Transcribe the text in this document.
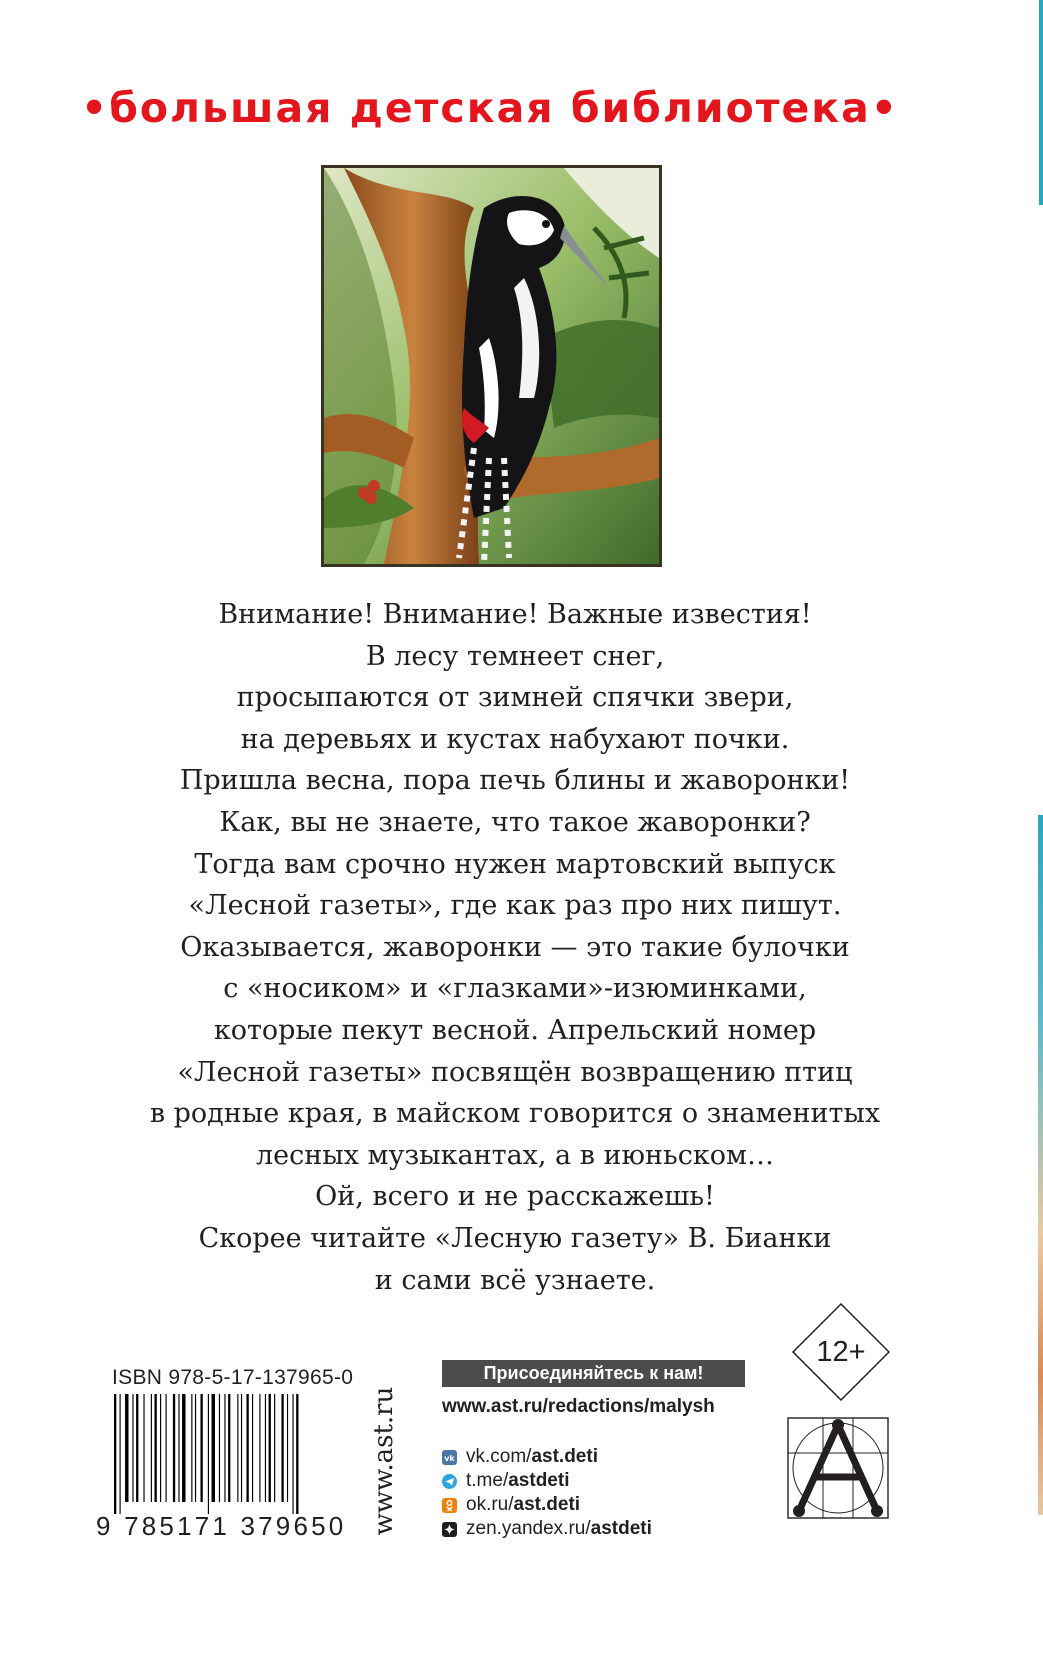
•большая детская библиотека•
Внимание! Внимание! Важные известия!
В лесу темнеет снег,
просыпаются от зимней спячки звери,
на деревьях и кустах набухают почки.
Пришла весна, пора печь блины и жаворонки!
Как, вы не знаете, что такое жаворонки?
Тогда вам срочно нужен мартовский выпуск
«Лесной газеты», где как раз про них пишут.
Оказывается, жаворонки — это такие булочки
с «носиком» и «глазками»-изюминками,
которые пекут весной. Апрельский номер
«Лесной газеты» посвящён возвращению птиц
в родные края, в майском говорится о знаменитых
лесных музыкантах, а в июньском…
Ой, всего и не расскажешь!
Скорее читайте «Лесную газету» В. Бианки
и сами всё узнаете.
ISBN 978-5-17-137965-0
9 785171 379650 www.ast.ru
Присоединяйтесь к нам!
www.ast.ru/redactions/malysh
vk vk.com/ast.deti
t.me/astdeti
ok.ru/ast.deti
zen.yandex.ru/astdeti
12+
